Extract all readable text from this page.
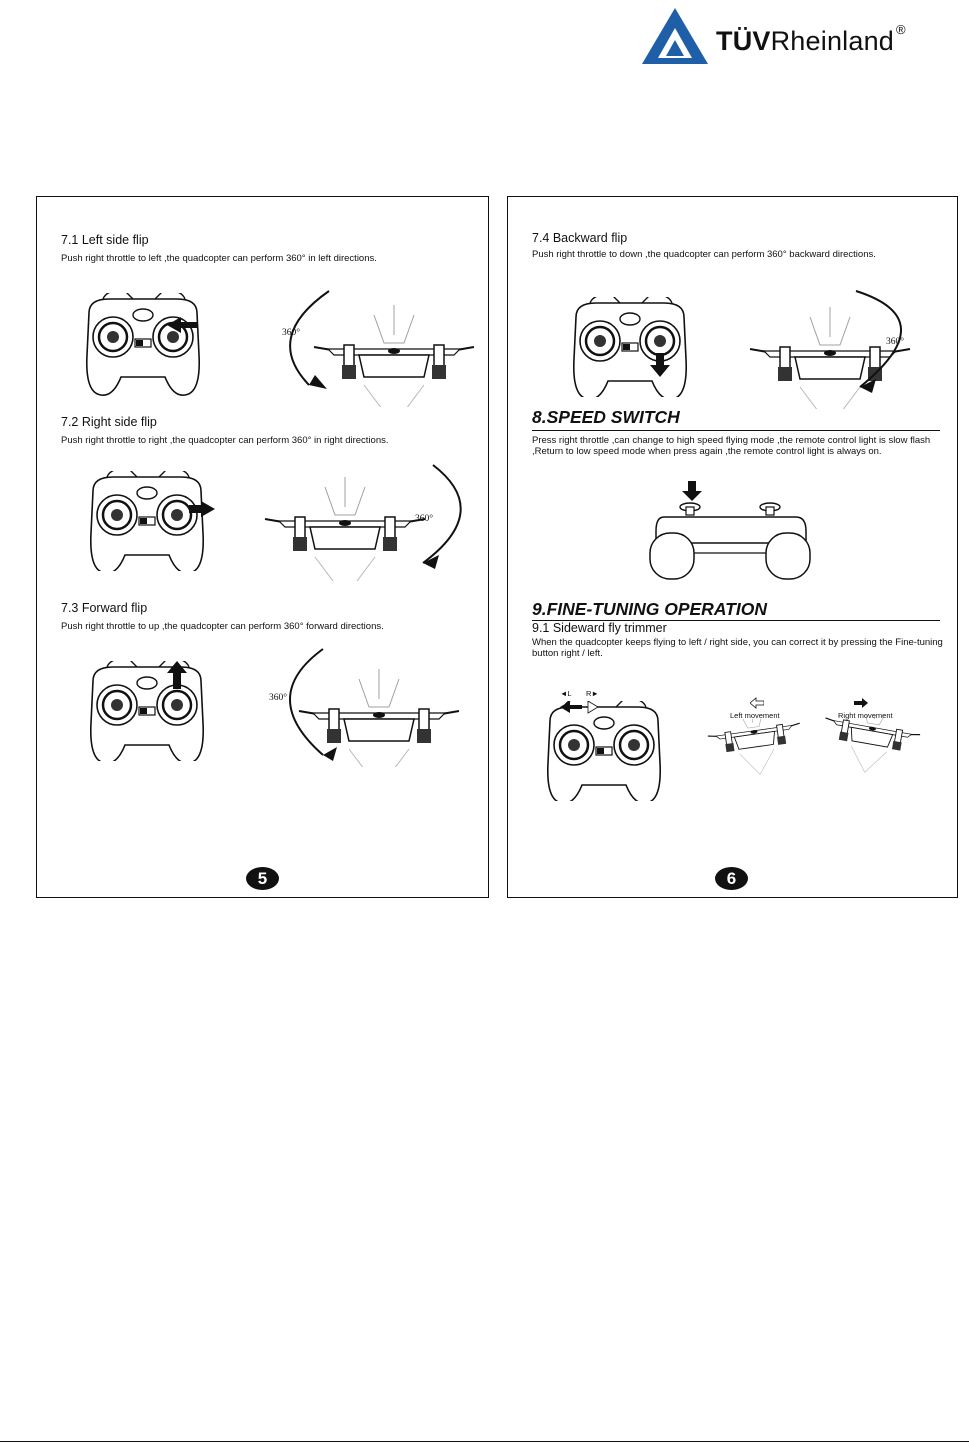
TÜVRheinland ®
7.1 Left side flip
Push right throttle to left ,the quadcopter can perform 360° in left directions.
360°
7.2 Right side flip
Push right throttle to right ,the quadcopter can perform 360° in right directions.
360°
7.3 Forward flip
Push right throttle to up ,the quadcopter can perform 360° forward directions.
360°
5
7.4 Backward flip
Push right throttle to down ,the quadcopter can perform 360° backward directions.
360°
8.SPEED SWITCH
Press right throttle ,can change to high speed flying mode ,the remote control light is slow flash ,Return to low speed mode when press again ,the remote control light is always on.
9.FINE-TUNING OPERATION
9.1 Sideward fly trimmer
When the quadcopter keeps flying to left / right side, you can correct it by pressing the Fine-tuning button right / left.
◄L R►
Left movement	Right movement
6
